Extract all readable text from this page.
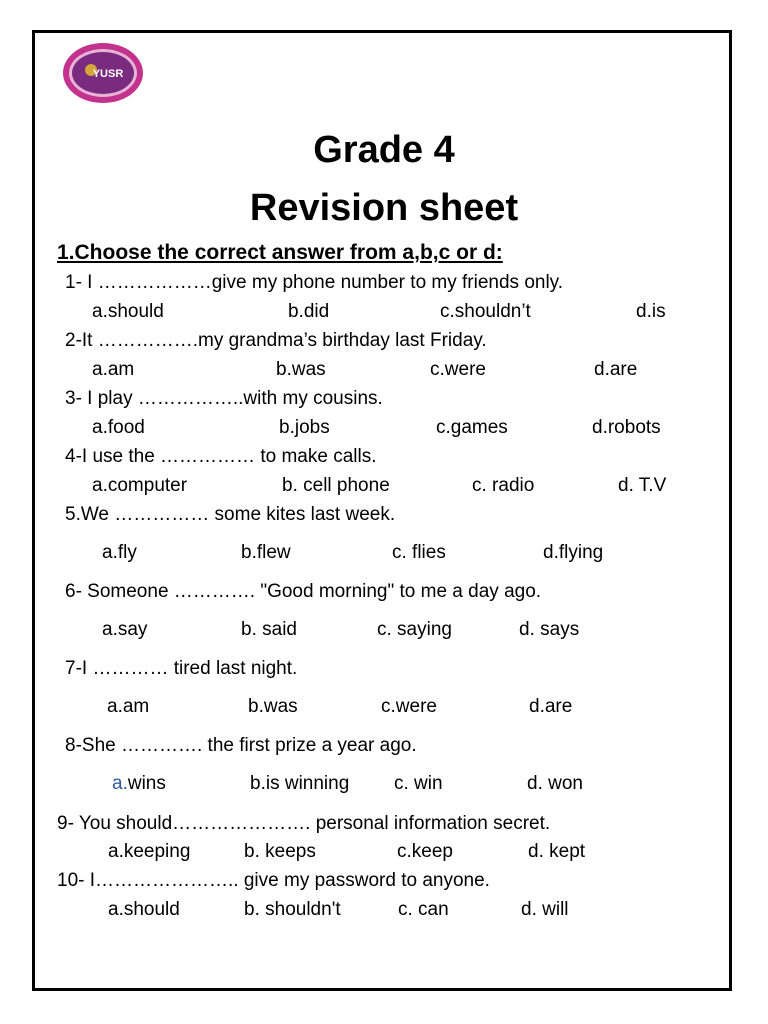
YUSR
Grade 4
Revision sheet
1.Choose the correct answer from a,b,c or d:
1- I ………………give my phone number to my friends only.
a.should	b.did	c.shouldn’t	d.is
2-It …………….my grandma’s birthday last Friday.
a.am	b.was	c.were	d.are
3- I play ……………..with my cousins.
a.food	b.jobs	c.games	d.robots
4-I use the …………… to make calls.
a.computer	b. cell phone	c. radio	d. T.V
5.We …………… some kites last week.
a.fly	b.flew	c. flies	d.flying
6- Someone …………. "Good morning" to me a day ago.
a.say	b. said	c. saying	d. says
7-I ………… tired last night.
a.am	b.was	c.were	d.are
8-She …………. the first prize a year ago.
a.wins	b.is winning c. win	d. won
9- You should…………………. personal information secret.
a.keeping	b. keeps	c.keep	d. kept
10- I………………….. give my password to anyone.
a.should	b. shouldn't	c. can	d. will
